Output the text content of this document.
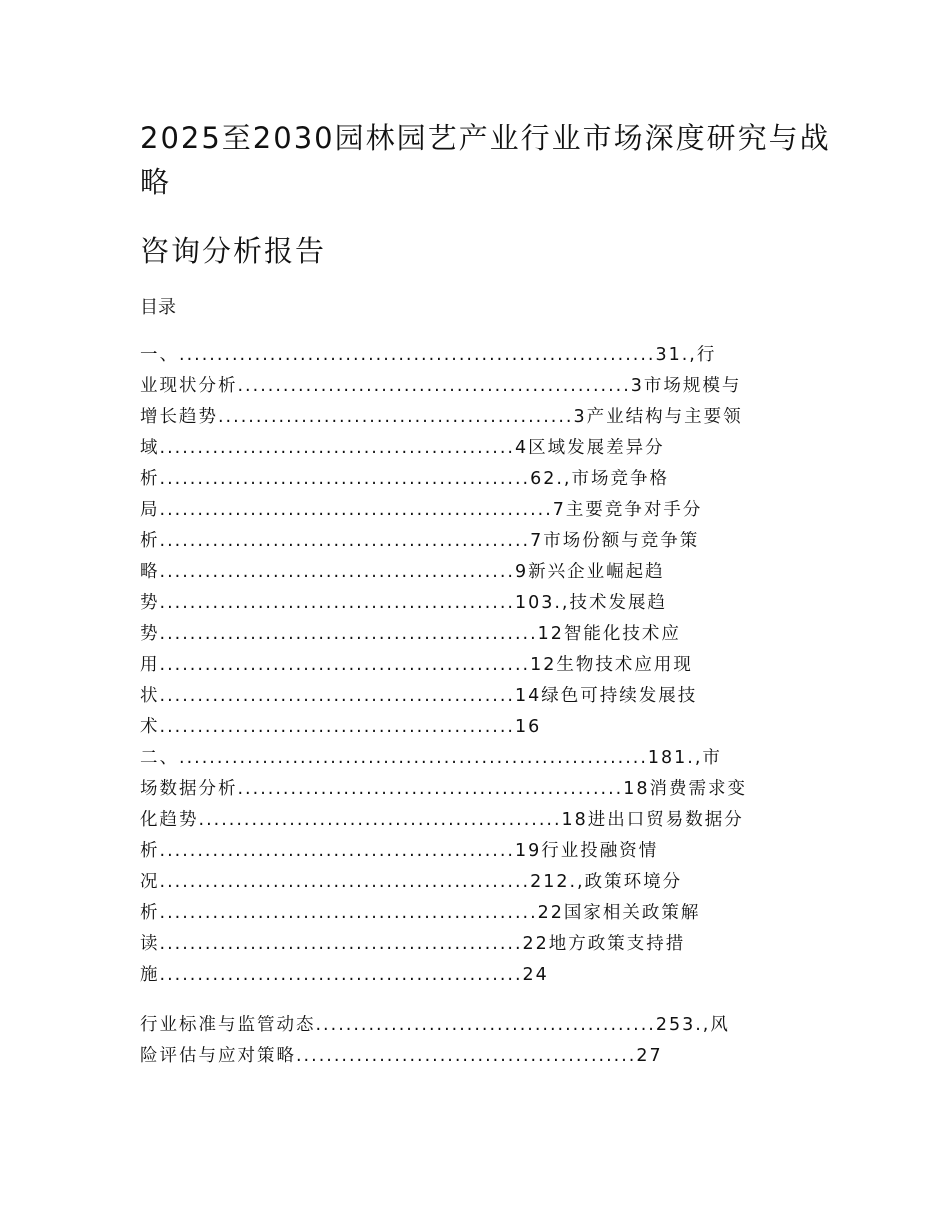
2025至2030园林园艺产业行业市场深度研究与战略
咨询分析报告
目录
一、...............................................................31.,行
业现状分析....................................................3市场规模与
增长趋势...............................................3产业结构与主要领
域...............................................4区域发展差异分
析.................................................62.,市场竞争格
局....................................................7主要竞争对手分
析.................................................7市场份额与竞争策
略...............................................9新兴企业崛起趋
势...............................................103.,技术发展趋
势..................................................12智能化技术应
用.................................................12生物技术应用现
状...............................................14绿色可持续发展技
术...............................................16
二、..............................................................181.,市
场数据分析...................................................18消费需求变
化趋势................................................18进出口贸易数据分
析...............................................19行业投融资情
况.................................................212.,政策环境分
析..................................................22国家相关政策解
读................................................22地方政策支持措
施................................................24
行业标准与监管动态.............................................253.,风
险评估与应对策略.............................................27
